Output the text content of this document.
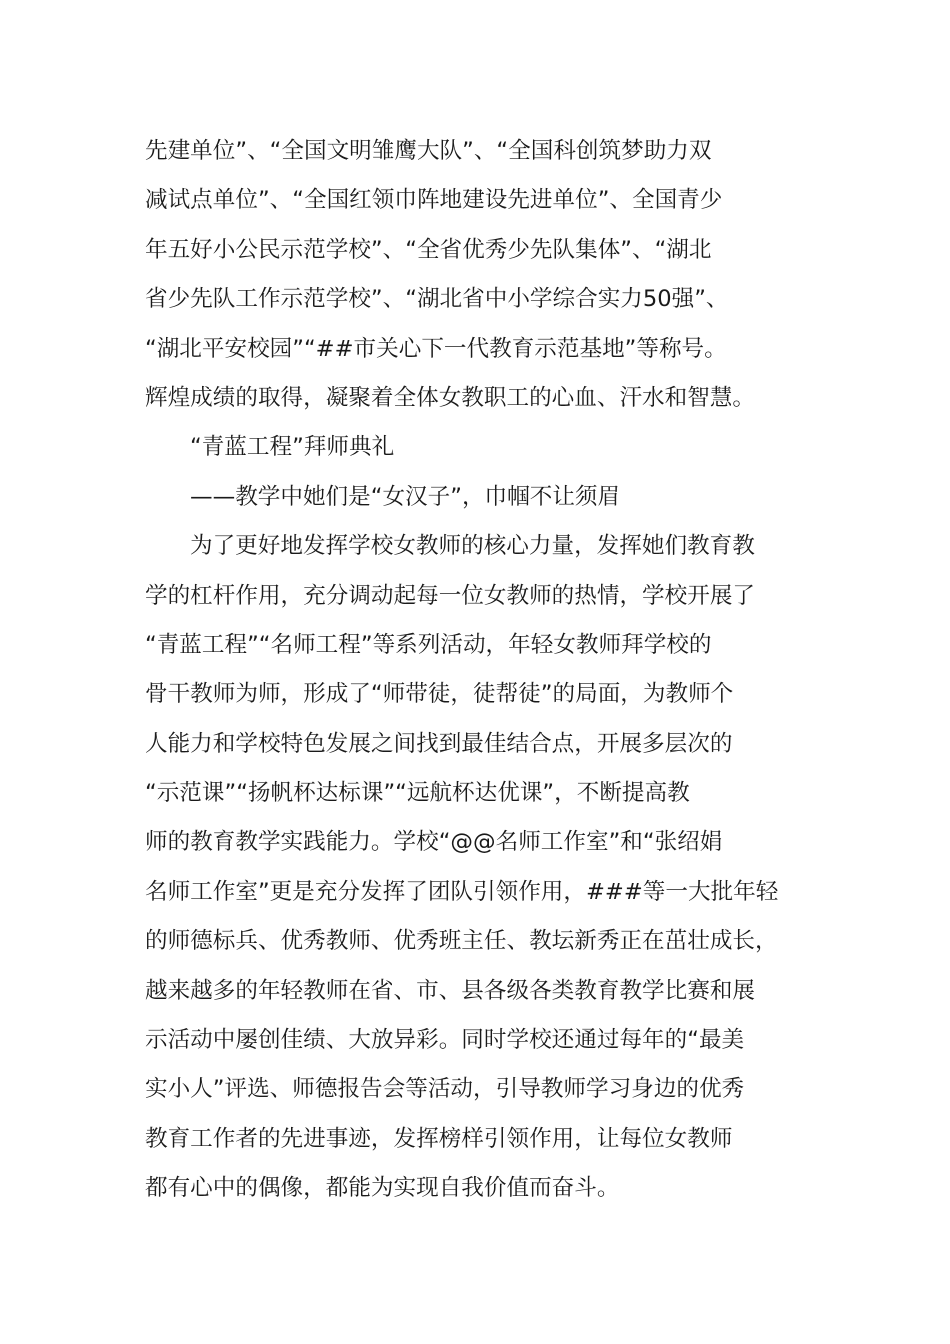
先建单位”、“全国文明雏鹰大队”、“全国科创筑梦助力双
减试点单位”、“全国红领巾阵地建设先进单位”、全国青少
年五好小公民示范学校”、“全省优秀少先队集体”、“湖北
省少先队工作示范学校”、“湖北省中小学综合实力50强”、
“湖北平安校园”“##市关心下一代教育示范基地”等称号。
辉煌成绩的取得，凝聚着全体女教职工的心血、汗水和智慧。
“青蓝工程”拜师典礼
——教学中她们是“女汉子”，巾帼不让须眉
为了更好地发挥学校女教师的核心力量，发挥她们教育教
学的杠杆作用，充分调动起每一位女教师的热情，学校开展了
“青蓝工程”“名师工程”等系列活动，年轻女教师拜学校的
骨干教师为师，形成了“师带徒，徒帮徒”的局面，为教师个
人能力和学校特色发展之间找到最佳结合点，开展多层次的
“示范课”“扬帆杯达标课”“远航杯达优课”，不断提高教
师的教育教学实践能力。学校“@@名师工作室”和“张绍娟
名师工作室”更是充分发挥了团队引领作用，###等一大批年轻
的师德标兵、优秀教师、优秀班主任、教坛新秀正在茁壮成长，
越来越多的年轻教师在省、市、县各级各类教育教学比赛和展
示活动中屡创佳绩、大放异彩。同时学校还通过每年的“最美
实小人”评选、师德报告会等活动，引导教师学习身边的优秀
教育工作者的先进事迹，发挥榜样引领作用，让每位女教师
都有心中的偶像，都能为实现自我价值而奋斗。
